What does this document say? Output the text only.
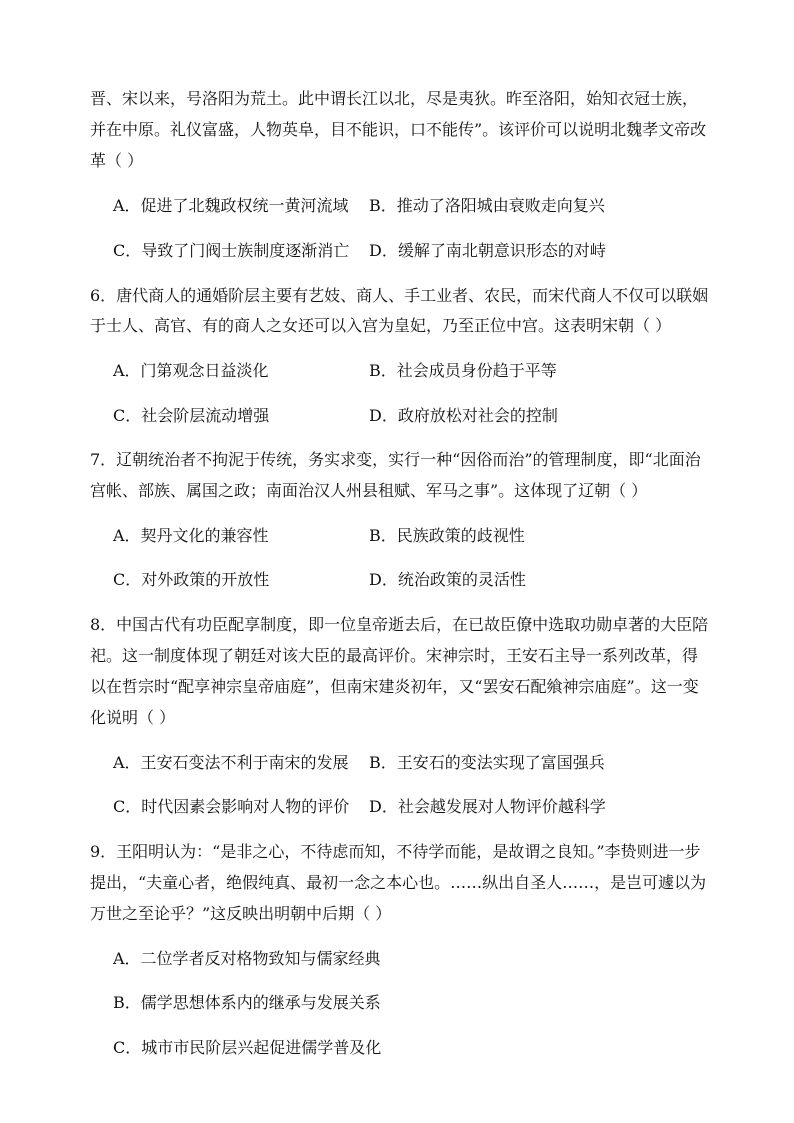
晋、宋以来，号洛阳为荒土。此中谓长江以北，尽是夷狄。昨至洛阳，始知衣冠士族，
并在中原。礼仪富盛，人物英阜，目不能识，口不能传”。该评价可以说明北魏孝文帝改
革（ ）
A．促进了北魏政权统一黄河流域 B．推动了洛阳城由衰败走向复兴
C．导致了门阀士族制度逐渐消亡 D．缓解了南北朝意识形态的对峙
6．唐代商人的通婚阶层主要有艺妓、商人、手工业者、农民，而宋代商人不仅可以联姻
于士人、高官、有的商人之女还可以入宫为皇妃，乃至正位中宫。这表明宋朝（ ）
A．门第观念日益淡化	B．社会成员身份趋于平等
C．社会阶层流动增强	D．政府放松对社会的控制
7．辽朝统治者不拘泥于传统，务实求变，实行一种“因俗而治”的管理制度，即“北面治
宫帐、部族、属国之政；南面治汉人州县租赋、军马之事”。这体现了辽朝（ ）
A．契丹文化的兼容性	B．民族政策的歧视性
C．对外政策的开放性	D．统治政策的灵活性
8．中国古代有功臣配享制度，即一位皇帝逝去后，在已故臣僚中选取功勋卓著的大臣陪
祀。这一制度体现了朝廷对该大臣的最高评价。宋神宗时，王安石主导一系列改革，得
以在哲宗时“配享神宗皇帝庙庭”，但南宋建炎初年，又“罢安石配飨神宗庙庭”。这一变
化说明（ ）
A．王安石变法不利于南宋的发展 B．王安石的变法实现了富国强兵
C．时代因素会影响对人物的评价 D．社会越发展对人物评价越科学
9．王阳明认为：“是非之心，不待虑而知，不待学而能，是故谓之良知。”李贽则进一步
提出，“夫童心者，绝假纯真、最初一念之本心也。……纵出自圣人……，是岂可遽以为
万世之至论乎？”这反映出明朝中后期（ ）
A．二位学者反对格物致知与儒家经典
B．儒学思想体系内的继承与发展关系
C．城市市民阶层兴起促进儒学普及化
